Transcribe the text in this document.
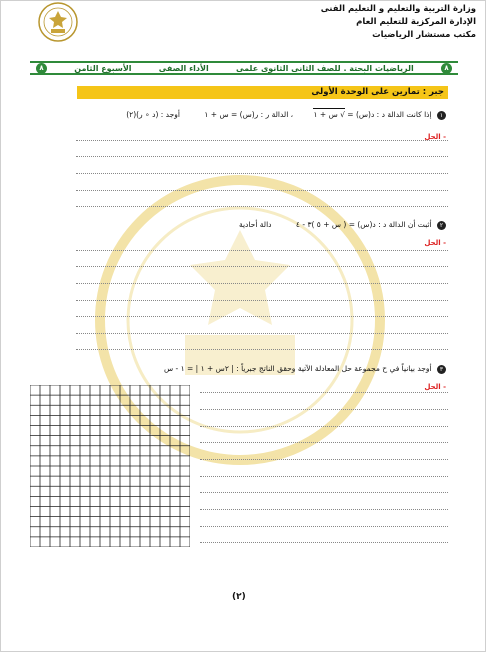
وزارة التربية والتعليم و التعليم الفنى
الإدارة المركزية للتعليم العام
مكتب مستشار الرياضيات
٨
الرياضيات البحتة . للصف الثانى الثانوى علمى
الأداء الصفى
الأسبوع الثامن
٨
جبر : تمارين على الوحدة الأولى
١ إذا كانت الدالة د : د(س) = √ س + ١ ، الدالة ر : ر(س) = س + ١ أوجد : (د ∘ ر)(٢)
- الحل
٢ أثبت أن الدالة د : د(س) = ( س + ٥ )٣ - ٤ دالة أحادية
- الحل
٣ أوجد بيانياً في ح مجموعة حل المعادلة الآتية وحقق الناتج جبرياً : | ٢س + ١ | = ١ - س
- الحل
(٢)
